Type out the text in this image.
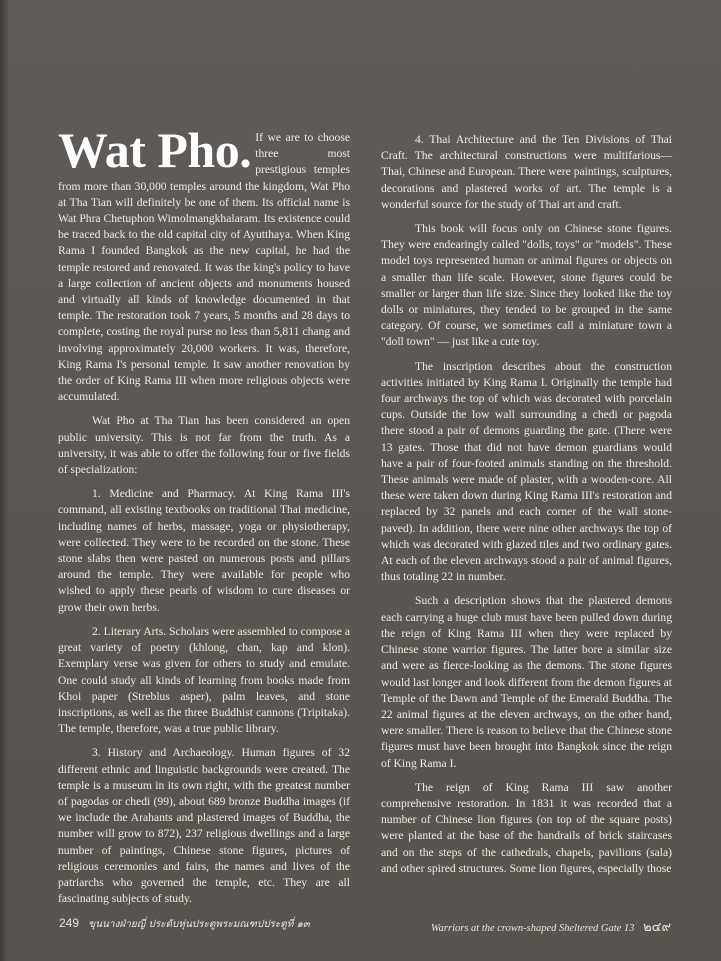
Wat Pho. If we are to choose three most prestigious temples from more than 30,000 temples around the kingdom, Wat Pho at Tha Tian will definitely be one of them. Its official name is Wat Phra Chetuphon Wimolmangkhalaram. Its existence could be traced back to the old capital city of Ayutthaya. When King Rama I founded Bangkok as the new capital, he had the temple restored and renovated. It was the king's policy to have a large collection of ancient objects and monuments housed and virtually all kinds of knowledge documented in that temple. The restoration took 7 years, 5 months and 28 days to complete, costing the royal purse no less than 5,811 chang and involving approximately 20,000 workers. It was, therefore, King Rama I's personal temple. It saw another renovation by the order of King Rama III when more religious objects were accumulated.

Wat Pho at Tha Tian has been considered an open public university. This is not far from the truth. As a university, it was able to offer the following four or five fields of specialization:

1. Medicine and Pharmacy. At King Rama III's command, all existing textbooks on traditional Thai medicine, including names of herbs, massage, yoga or physiotherapy, were collected. They were to be recorded on the stone. These stone slabs then were pasted on numerous posts and pillars around the temple. They were available for people who wished to apply these pearls of wisdom to cure diseases or grow their own herbs.

2. Literary Arts. Scholars were assembled to compose a great variety of poetry (khlong, chan, kap and klon). Exemplary verse was given for others to study and emulate. One could study all kinds of learning from books made from Khoi paper (Streblus asper), palm leaves, and stone inscriptions, as well as the three Buddhist cannons (Tripitaka). The temple, therefore, was a true public library.

3. History and Archaeology. Human figures of 32 different ethnic and linguistic backgrounds were created. The temple is a museum in its own right, with the greatest number of pagodas or chedi (99), about 689 bronze Buddha images (if we include the Arahants and plastered images of Buddha, the number will grow to 872), 237 religious dwellings and a large number of paintings, Chinese stone figures, pictures of religious ceremonies and fairs, the names and lives of the patriarchs who governed the temple, etc. They are all fascinating subjects of study.

4. Thai Architecture and the Ten Divisions of Thai Craft. The architectural constructions were multifarious—Thai, Chinese and European. There were paintings, sculptures, decorations and plastered works of art. The temple is a wonderful source for the study of Thai art and craft.

This book will focus only on Chinese stone figures. They were endearingly called "dolls, toys" or "models". These model toys represented human or animal figures or objects on a smaller than life scale. However, stone figures could be smaller or larger than life size. Since they looked like the toy dolls or miniatures, they tended to be grouped in the same category. Of course, we sometimes call a miniature town a "doll town" — just like a cute toy.

The inscription describes about the construction activities initiated by King Rama I. Originally the temple had four archways the top of which was decorated with porcelain cups. Outside the low wall surrounding a chedi or pagoda there stood a pair of demons guarding the gate. (There were 13 gates. Those that did not have demon guardians would have a pair of four-footed animals standing on the threshold. These animals were made of plaster, with a wooden-core. All these were taken down during King Rama III's restoration and replaced by 32 panels and each corner of the wall stone-paved). In addition, there were nine other archways the top of which was decorated with glazed tiles and two ordinary gates. At each of the eleven archways stood a pair of animal figures, thus totaling 22 in number.

Such a description shows that the plastered demons each carrying a huge club must have been pulled down during the reign of King Rama III when they were replaced by Chinese stone warrior figures. The latter bore a similar size and were as fierce-looking as the demons. The stone figures would last longer and look different from the demon figures at Temple of the Dawn and Temple of the Emerald Buddha. The 22 animal figures at the eleven archways, on the other hand, were smaller. There is reason to believe that the Chinese stone figures must have been brought into Bangkok since the reign of King Rama I.

The reign of King Rama III saw another comprehensive restoration. In 1831 it was recorded that a number of Chinese lion figures (on top of the square posts) were planted at the base of the handrails of brick staircases and on the steps of the cathedrals, chapels, pavilions (sala) and other spired structures. Some lion figures, especially those

249 ขุนนางฝ่ายญี่ ประดับหุ่นประตูพระมณฑปประตูที่ ๑๓	Warriors at the crown-shaped Sheltered Gate 13 ๒๔๙
